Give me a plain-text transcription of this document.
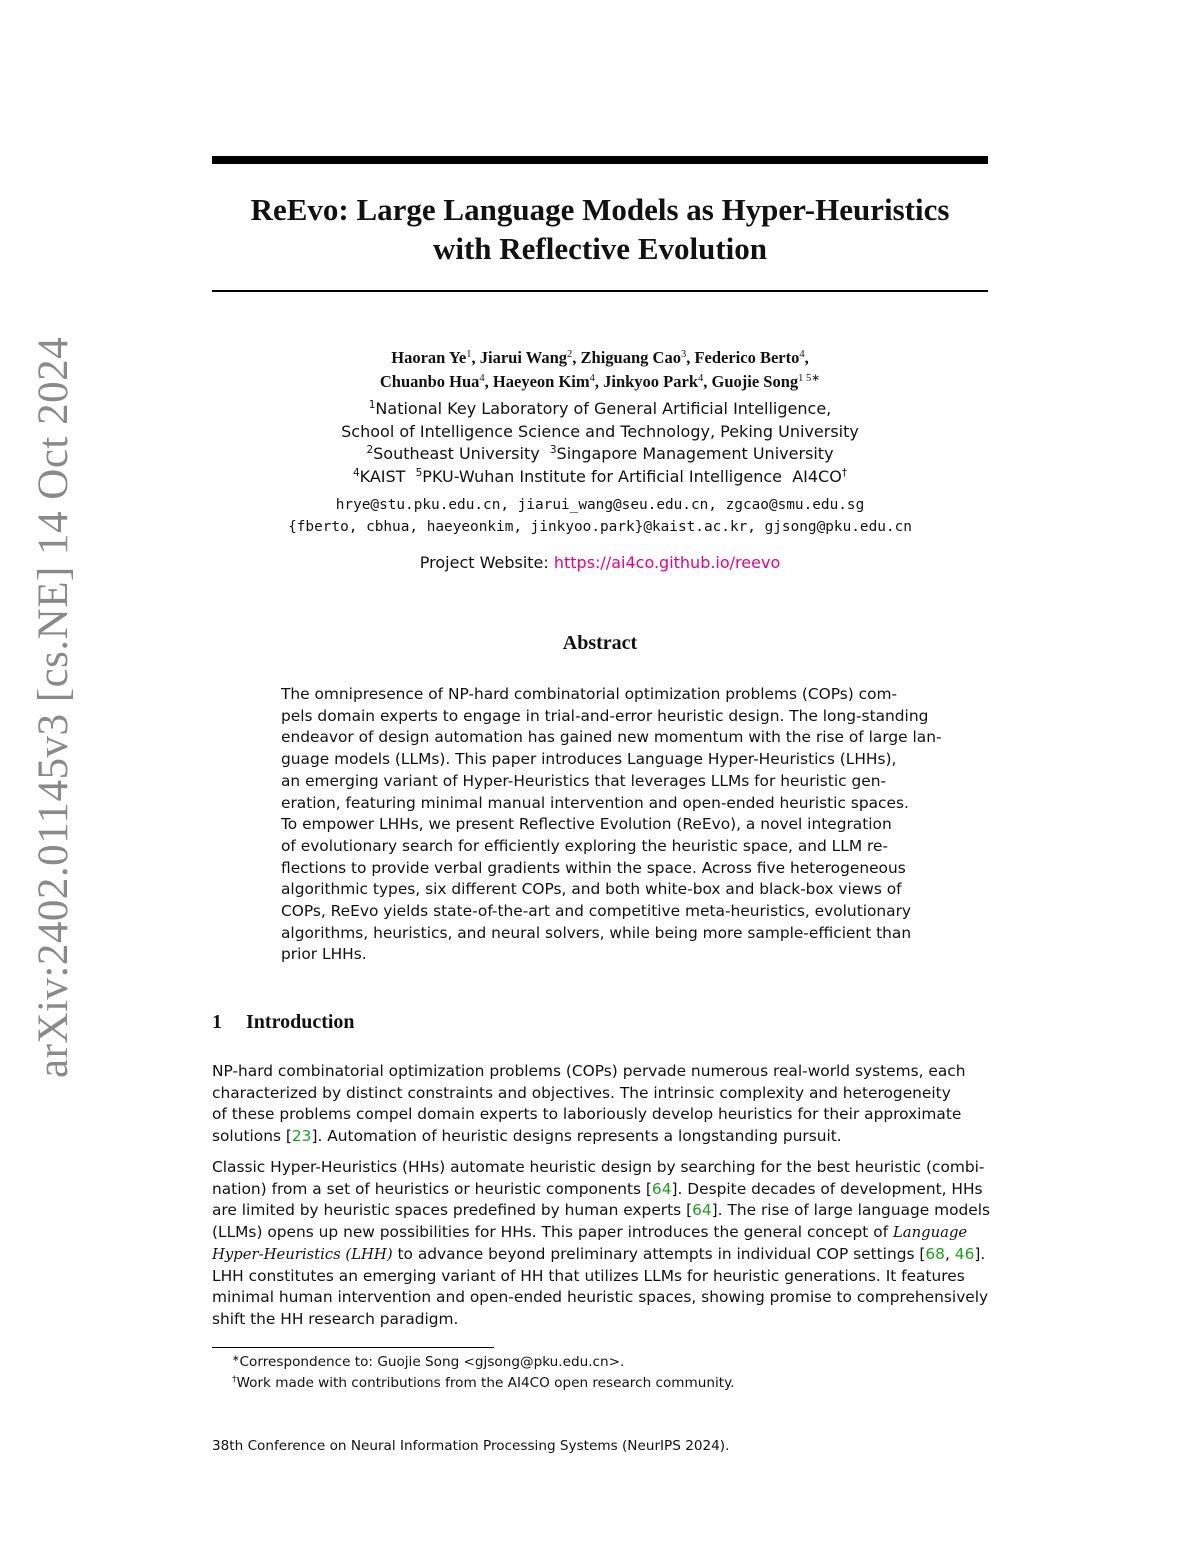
arXiv:2402.01145v3 [cs.NE] 14 Oct 2024
ReEvo: Large Language Models as Hyper-Heuristics
with Reflective Evolution
Haoran Ye$^1$, Jiarui Wang$^2$, Zhiguang Cao$^3$, Federico Berto$^4$,
Chuanbo Hua$^4$, Haeyeon Kim$^4$, Jinkyoo Park$^4$, Guojie Song$^{1 5∗}$
$^1$National Key Laboratory of General Artificial Intelligence,
School of Intelligence Science and Technology, Peking University
$^2$Southeast University  $^3$Singapore Management University
$^4$KAIST  $^5$PKU-Wuhan Institute for Artificial Intelligence  AI4CO†
hrye@stu.pku.edu.cn, jiarui_wang@seu.edu.cn, zgcao@smu.edu.sg
{fberto, cbhua, haeyeonkim, jinkyoo.park}@kaist.ac.kr, gjsong@pku.edu.cn
Project Website: https://ai4co.github.io/reevo
Abstract
The omnipresence of NP-hard combinatorial optimization problems (COPs) com-
pels domain experts to engage in trial-and-error heuristic design. The long-standing
endeavor of design automation has gained new momentum with the rise of large lan-
guage models (LLMs). This paper introduces Language Hyper-Heuristics (LHHs),
an emerging variant of Hyper-Heuristics that leverages LLMs for heuristic gen-
eration, featuring minimal manual intervention and open-ended heuristic spaces.
To empower LHHs, we present Reflective Evolution (ReEvo), a novel integration
of evolutionary search for efficiently exploring the heuristic space, and LLM re-
flections to provide verbal gradients within the space. Across five heterogeneous
algorithmic types, six different COPs, and both white-box and black-box views of
COPs, ReEvo yields state-of-the-art and competitive meta-heuristics, evolutionary
algorithms, heuristics, and neural solvers, while being more sample-efficient than
prior LHHs.
1 Introduction
NP-hard combinatorial optimization problems (COPs) pervade numerous real-world systems, each
characterized by distinct constraints and objectives. The intrinsic complexity and heterogeneity
of these problems compel domain experts to laboriously develop heuristics for their approximate
solutions [23]. Automation of heuristic designs represents a longstanding pursuit.
Classic Hyper-Heuristics (HHs) automate heuristic design by searching for the best heuristic (combi-
nation) from a set of heuristics or heuristic components [64]. Despite decades of development, HHs
are limited by heuristic spaces predefined by human experts [64]. The rise of large language models
(LLMs) opens up new possibilities for HHs. This paper introduces the general concept of Language
Hyper-Heuristics (LHH) to advance beyond preliminary attempts in individual COP settings [68, 46].
LHH constitutes an emerging variant of HH that utilizes LLMs for heuristic generations. It features
minimal human intervention and open-ended heuristic spaces, showing promise to comprehensively
shift the HH research paradigm.
∗Correspondence to: Guojie Song <gjsong@pku.edu.cn>.
†Work made with contributions from the AI4CO open research community.
38th Conference on Neural Information Processing Systems (NeurIPS 2024).
